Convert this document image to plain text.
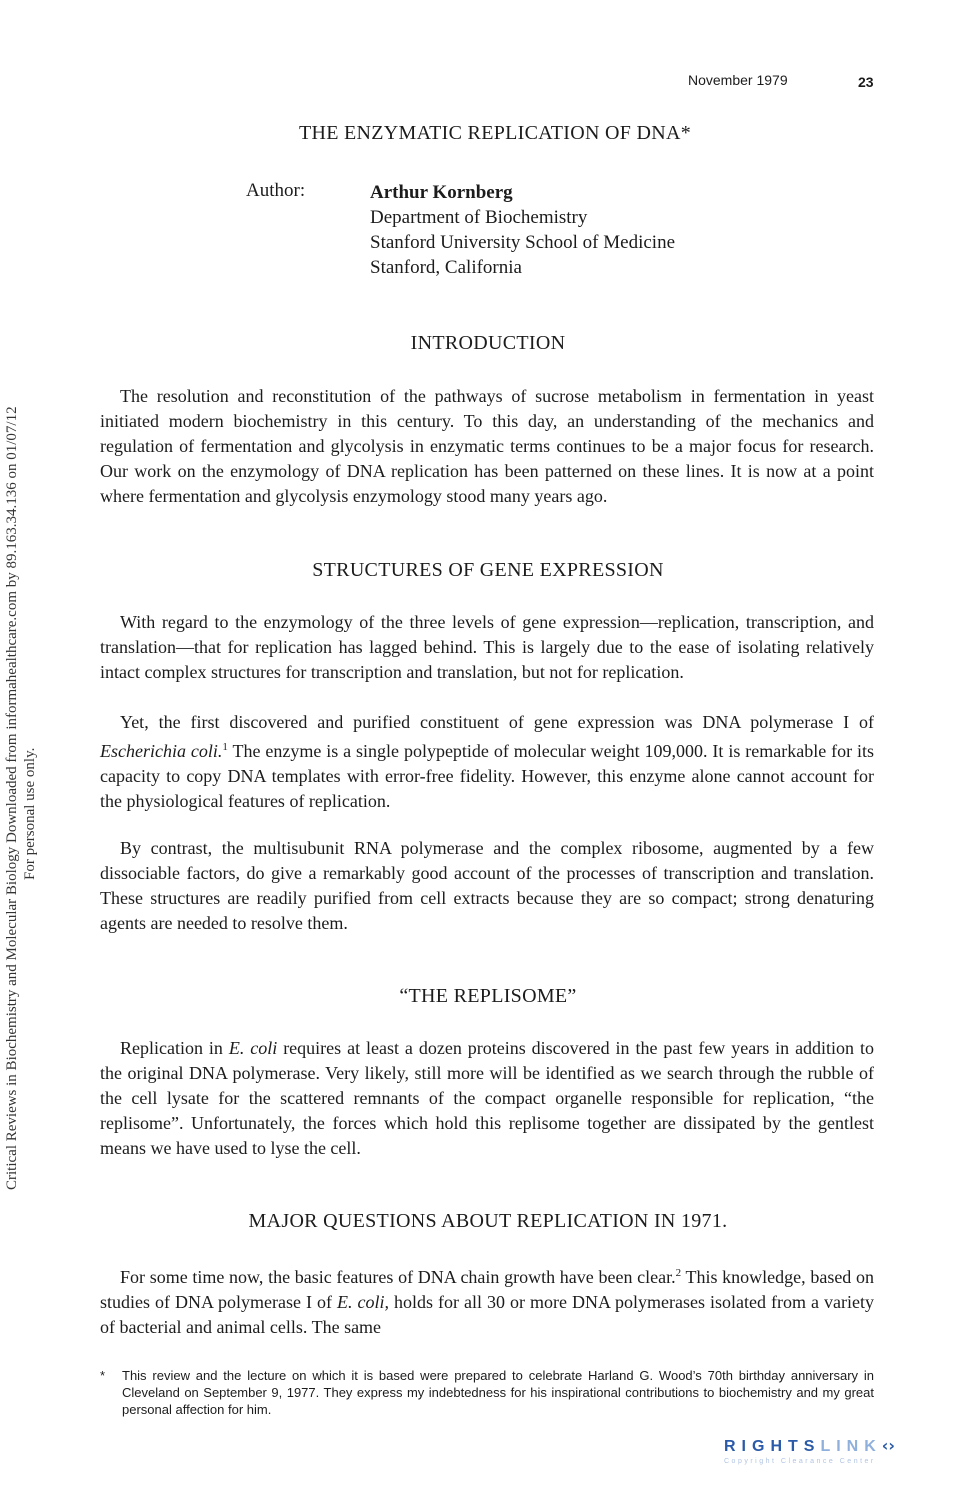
November 1979	23
Critical Reviews in Biochemistry and Molecular Biology Downloaded from informahealthcare.com by 89.163.34.136 on 01/07/12 For personal use only.
THE ENZYMATIC REPLICATION OF DNA*
Author:	Arthur Kornberg
Department of Biochemistry
Stanford University School of Medicine
Stanford, California
INTRODUCTION

The resolution and reconstitution of the pathways of sucrose metabolism in fermentation in yeast initiated modern biochemistry in this century. To this day, an understanding of the mechanics and regulation of fermentation and glycolysis in enzymatic terms continues to be a major focus for research. Our work on the enzymology of DNA replication has been patterned on these lines. It is now at a point where fermentation and glycolysis enzymology stood many years ago.

STRUCTURES OF GENE EXPRESSION

With regard to the enzymology of the three levels of gene expression—replication, transcription, and translation—that for replication has lagged behind. This is largely due to the ease of isolating relatively intact complex structures for transcription and translation, but not for replication.

Yet, the first discovered and purified constituent of gene expression was DNA polymerase I of Escherichia coli.$^1$ The enzyme is a single polypeptide of molecular weight 109,000. It is remarkable for its capacity to copy DNA templates with error-free fidelity. However, this enzyme alone cannot account for the physiological features of replication.

By contrast, the multisubunit RNA polymerase and the complex ribosome, augmented by a few dissociable factors, do give a remarkably good account of the processes of transcription and translation. These structures are readily purified from cell extracts because they are so compact; strong denaturing agents are needed to resolve them.

“THE REPLISOME”

Replication in E. coli requires at least a dozen proteins discovered in the past few years in addition to the original DNA polymerase. Very likely, still more will be identified as we search through the rubble of the cell lysate for the scattered remnants of the compact organelle responsible for replication, “the replisome”. Unfortunately, the forces which hold this replisome together are dissipated by the gentlest means we have used to lyse the cell.

MAJOR QUESTIONS ABOUT REPLICATION IN 1971.

For some time now, the basic features of DNA chain growth have been clear.$^2$ This knowledge, based on studies of DNA polymerase I of E. coli, holds for all 30 or more DNA polymerases isolated from a variety of bacterial and animal cells. The same

* This review and the lecture on which it is based were prepared to celebrate Harland G. Wood’s 70th birthday anniversary in Cleveland on September 9, 1977. They express my indebtedness for his inspirational contributions to biochemistry and my great personal affection for him.
RIGHTSLINK‹›
Copyright Clearance Center
